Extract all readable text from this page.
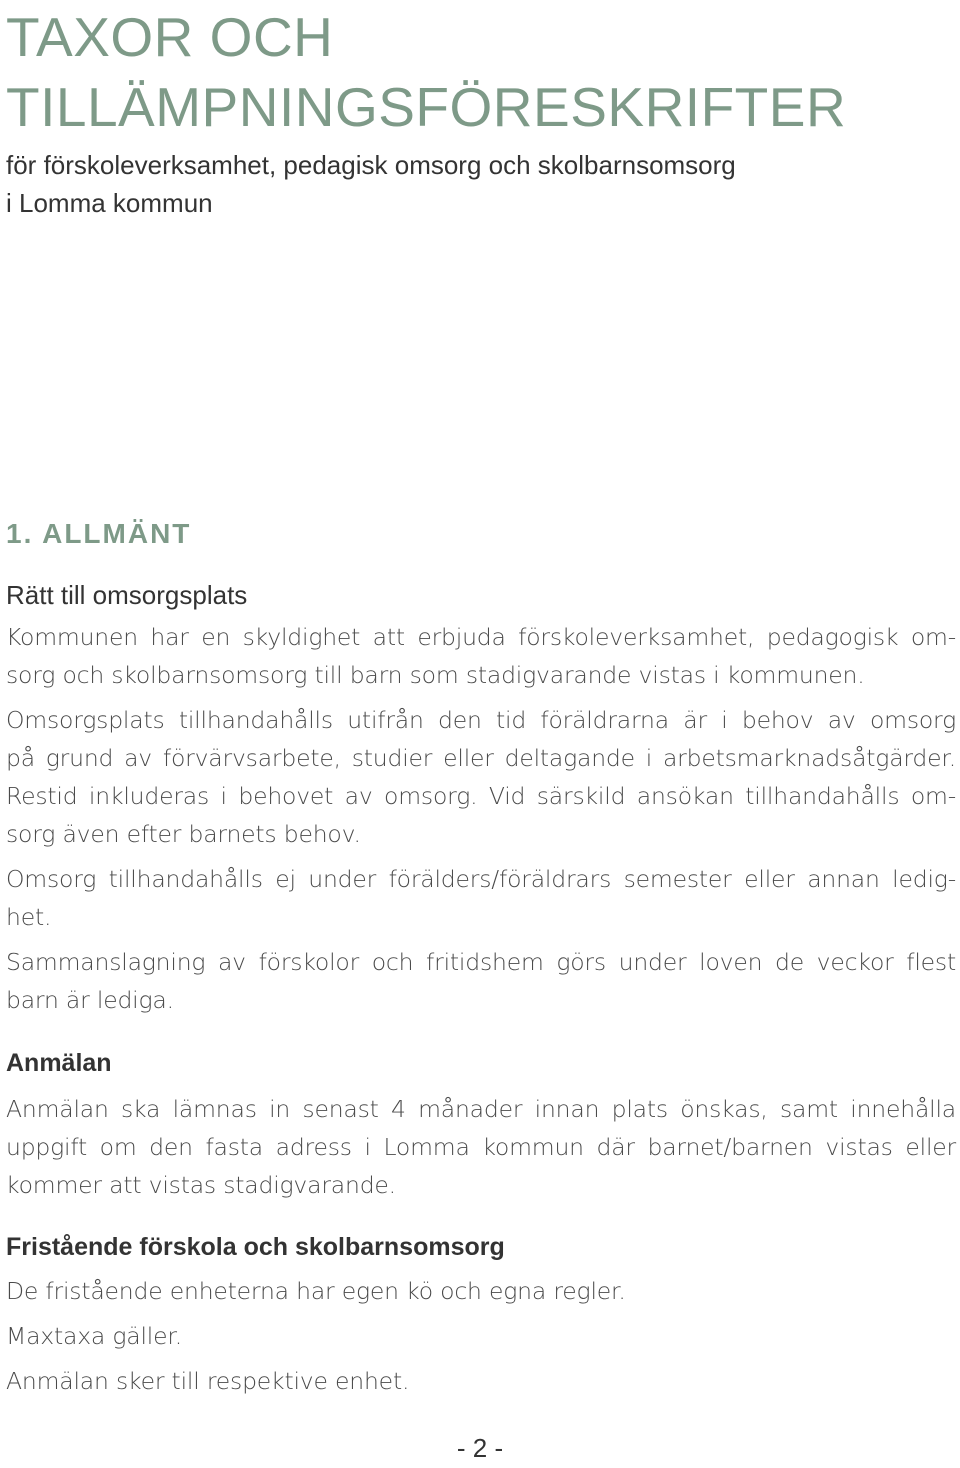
TAXOR OCH
TILLÄMPNINGSFÖRESKRIFTER

för förskoleverksamhet, pedagisk omsorg och skolbarnsomsorg
i Lomma kommun

1. ALLMÄNT
Rätt till omsorgsplats

Kommunen har en skyldighet att erbjuda förskoleverksamhet, pedagogisk om-
sorg och skolbarnsomsorg till barn som stadigvarande vistas i kommunen.

Omsorgsplats tillhandahålls utifrån den tid föräldrarna är i behov av omsorg
på grund av förvärvsarbete, studier eller deltagande i arbetsmarknadsåtgärder.
Restid inkluderas i behovet av omsorg. Vid särskild ansökan tillhandahålls om-
sorg även efter barnets behov.

Omsorg tillhandahålls ej under förälders/föräldrars semester eller annan ledig-
het.

Sammanslagning av förskolor och fritidshem görs under loven de veckor flest
barn är lediga.

Anmälan

Anmälan ska lämnas in senast 4 månader innan plats önskas, samt innehålla
uppgift om den fasta adress i Lomma kommun där barnet/barnen vistas eller
kommer att vistas stadigvarande.

Fristående förskola och skolbarnsomsorg

De fristående enheterna har egen kö och egna regler.

Maxtaxa gäller.

Anmälan sker till respektive enhet.

- 2 -
